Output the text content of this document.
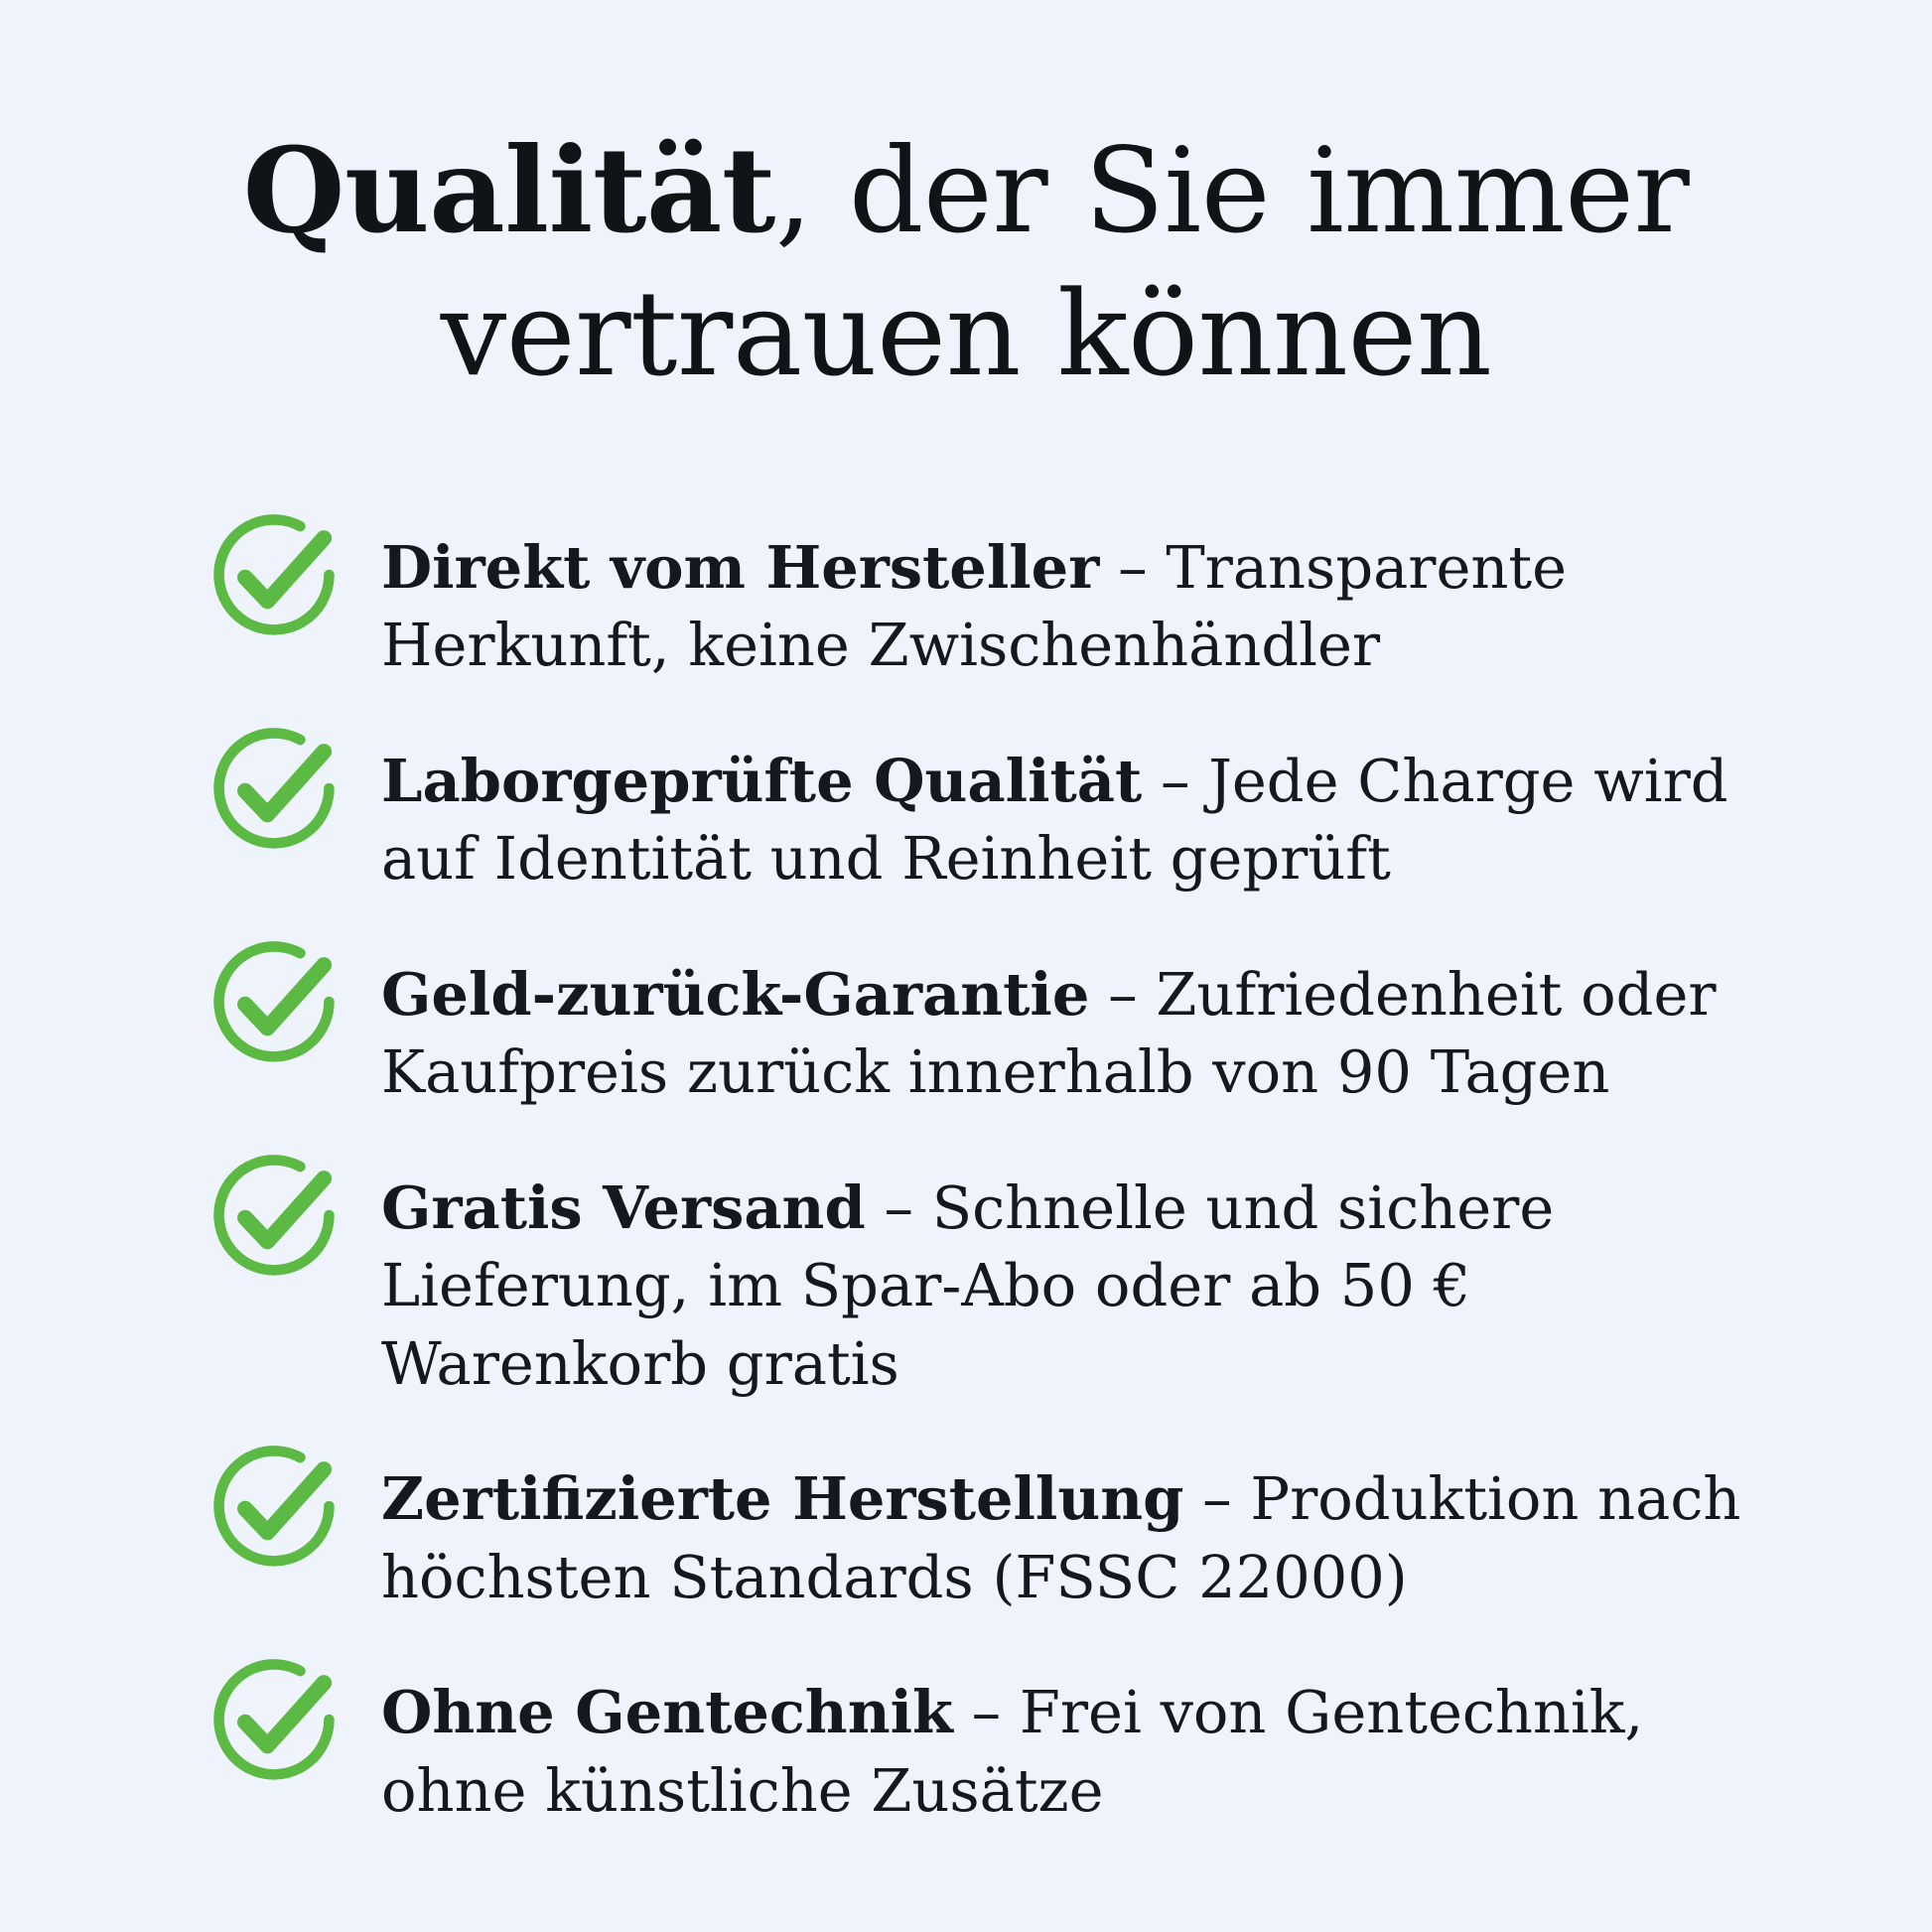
Qualität, der Sie immer vertrauen können
Direkt vom Hersteller – Transparente Herkunft, keine Zwischenhändler
Laborgeprüfte Qualität – Jede Charge wird auf Identität und Reinheit geprüft
Geld-zurück-Garantie – Zufriedenheit oder Kaufpreis zurück innerhalb von 90 Tagen
Gratis Versand – Schnelle und sichere Lieferung, im Spar-Abo oder ab 50 € Warenkorb gratis
Zertifizierte Herstellung – Produktion nach höchsten Standards (FSSC 22000)
Ohne Gentechnik – Frei von Gentechnik, ohne künstliche Zusätze
